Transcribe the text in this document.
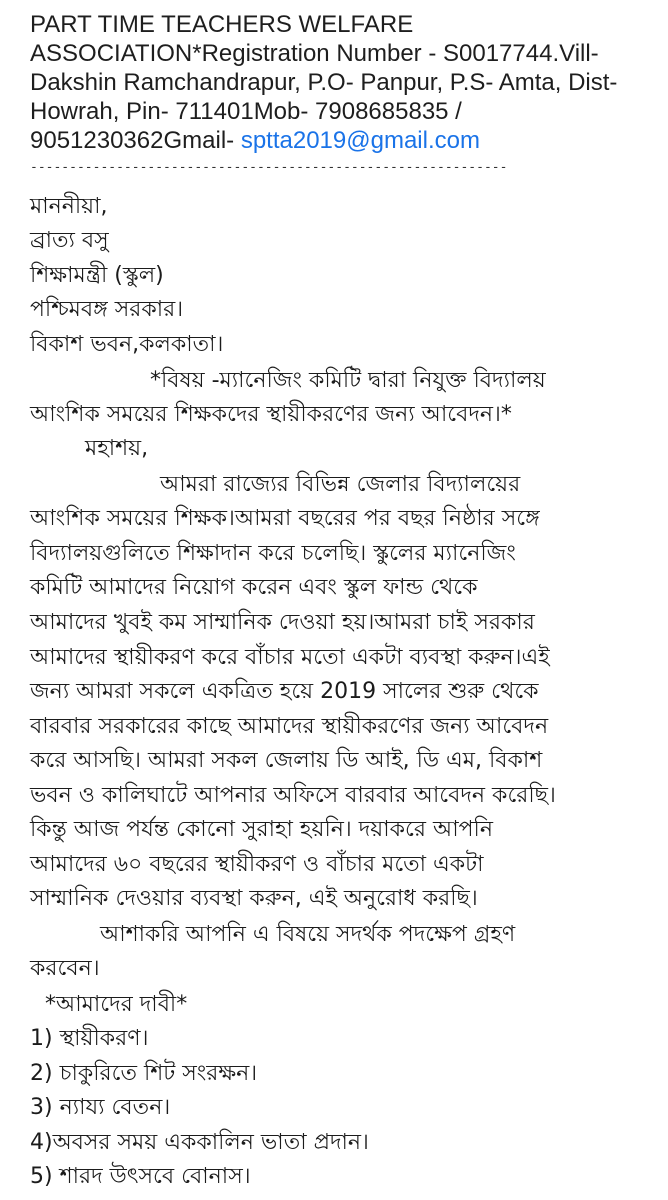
PART TIME TEACHERS WELFARE
ASSOCIATION*Registration Number - S0017744.Vill-
Dakshin Ramchandrapur, P.O- Panpur, P.S- Amta, Dist-
Howrah, Pin- 711401Mob- 7908685835 /
9051230362Gmail- sptta2019@gmail.com
-------------------------------------------------------------
মাননীয়া,
ব্রাত্য বসু
শিক্ষামন্ত্রী (স্কুল)
পশ্চিমবঙ্গ সরকার।
বিকাশ ভবন,কলকাতা।
*বিষয় -ম্যানেজিং কমিটি দ্বারা নিযুক্ত বিদ্যালয়
আংশিক সময়ের শিক্ষকদের স্থায়ীকরণের জন্য আবেদন।*
মহাশয়,
আমরা রাজ্যের বিভিন্ন জেলার বিদ্যালয়ের
আংশিক সময়ের শিক্ষক।আমরা বছরের পর বছর নিষ্ঠার সঙ্গে
বিদ্যালয়গুলিতে শিক্ষাদান করে চলেছি। স্কুলের ম্যানেজিং
কমিটি আমাদের নিয়োগ করেন এবং স্কুল ফান্ড থেকে
আমাদের খুবই কম সাম্মানিক দেওয়া হয়।আমরা চাই সরকার
আমাদের স্থায়ীকরণ করে বাঁচার মতো একটা ব্যবস্থা করুন।এই
জন্য আমরা সকলে একত্রিত হয়ে 2019 সালের শুরু থেকে
বারবার সরকারের কাছে আমাদের স্থায়ীকরণের জন্য আবেদন
করে আসছি। আমরা সকল জেলায় ডি আই, ডি এম, বিকাশ
ভবন ও কালিঘাটে আপনার অফিসে বারবার আবেদন করেছি।
কিন্তু আজ পর্যন্ত কোনো সুরাহা হয়নি। দয়াকরে আপনি
আমাদের ৬০ বছরের স্থায়ীকরণ ও বাঁচার মতো একটা
সাম্মানিক দেওয়ার ব্যবস্থা করুন, এই অনুরোধ করছি।
আশাকরি আপনি এ বিষয়ে সদর্থক পদক্ষেপ গ্রহণ
করবেন।
*আমাদের দাবী*
1) স্থায়ীকরণ।
2) চাকুরিতে শিট সংরক্ষন।
3) ন্যায্য বেতন।
4)অবসর সময় এককালিন ভাতা প্রদান।
5) শারদ উৎসবে বোনাস।
